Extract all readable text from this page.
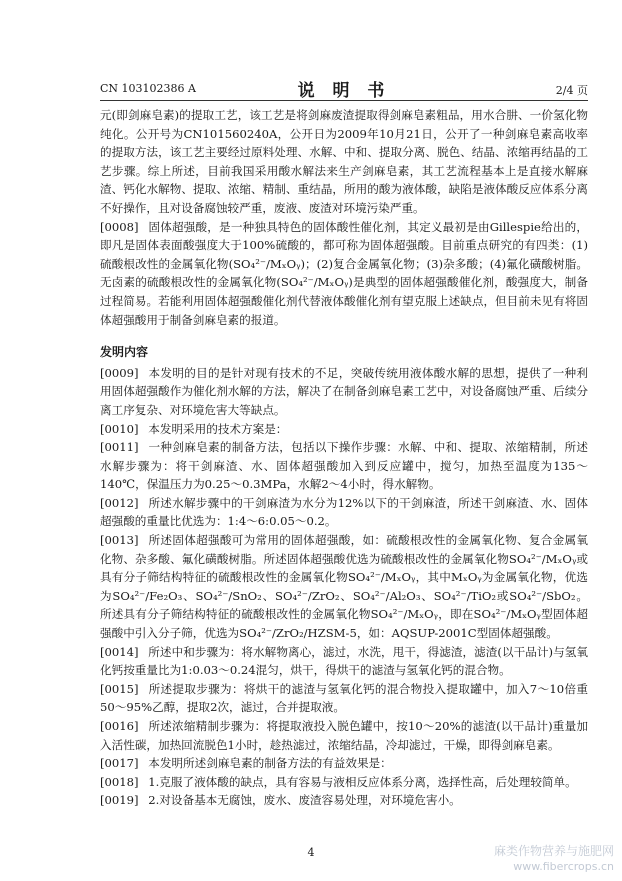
CN 103102386 A	说 明 书	2/4 页

元(即剑麻皂素)的提取工艺，该工艺是将剑麻废渣提取得剑麻皂素粗品，用水合肼、一价氢化物纯化。公开号为CN101560240A，公开日为2009年10月21日，公开了一种剑麻皂素高收率的提取方法，该工艺主要经过原料处理、水解、中和、提取分离、脱色、结晶、浓缩再结晶的工艺步骤。综上所述，目前我国采用酸水解法来生产剑麻皂素，其工艺流程基本上是直接水解麻渣、钙化水解物、提取、浓缩、精制、重结晶，所用的酸为液体酸，缺陷是液体酸反应体系分离不好操作，且对设备腐蚀较严重，废液、废渣对环境污染严重。

[0008] 固体超强酸，是一种独具特色的固体酸性催化剂，其定义最初是由Gillespie给出的，即凡是固体表面酸强度大于100%硫酸的，都可称为固体超强酸。目前重点研究的有四类：(1)硫酸根改性的金属氧化物(SO₄²⁻/MₓOᵧ)；(2)复合金属氧化物；(3)杂多酸；(4)氟化磺酸树脂。无卤素的硫酸根改性的金属氧化物(SO₄²⁻/MₓOᵧ)是典型的固体超强酸催化剂，酸强度大，制备过程简易。若能利用固体超强酸催化剂代替液体酸催化剂有望克服上述缺点，但目前未见有将固体超强酸用于制备剑麻皂素的报道。

发明内容

[0009] 本发明的目的是针对现有技术的不足，突破传统用液体酸水解的思想，提供了一种利用固体超强酸作为催化剂水解的方法，解决了在制备剑麻皂素工艺中，对设备腐蚀严重、后续分离工序复杂、对环境危害大等缺点。

[0010] 本发明采用的技术方案是：

[0011] 一种剑麻皂素的制备方法，包括以下操作步骤：水解、中和、提取、浓缩精制，所述水解步骤为：将干剑麻渣、水、固体超强酸加入到反应罐中，搅匀，加热至温度为135～140℃，保温压力为0.25～0.3MPa，水解2～4小时，得水解物。

[0012] 所述水解步骤中的干剑麻渣为水分为12%以下的干剑麻渣，所述干剑麻渣、水、固体超强酸的重量比优选为：1:4～6:0.05～0.2。

[0013] 所述固体超强酸可为常用的固体超强酸，如：硫酸根改性的金属氧化物、复合金属氧化物、杂多酸、氟化磺酸树脂。所述固体超强酸优选为硫酸根改性的金属氧化物SO₄²⁻/MₓOᵧ或具有分子筛结构特征的硫酸根改性的金属氧化物SO₄²⁻/MₓOᵧ，其中MₓOᵧ为金属氧化物，优选为SO₄²⁻/Fe₂O₃、SO₄²⁻/SnO₂、SO₄²⁻/ZrO₂、SO₄²⁻/Al₂O₃、SO₄²⁻/TiO₂或SO₄²⁻/SbO₂。所述具有分子筛结构特征的硫酸根改性的金属氧化物SO₄²⁻/MₓOᵧ，即在SO₄²⁻/MₓOᵧ型固体超强酸中引入分子筛，优选为SO₄²⁻/ZrO₂/HZSM-5，如：AQSUP-2001C型固体超强酸。

[0014] 所述中和步骤为：将水解物离心，滤过，水洗，甩干，得滤渣，滤渣(以干品计)与氢氧化钙按重量比为1:0.03～0.24混匀，烘干，得烘干的滤渣与氢氧化钙的混合物。

[0015] 所述提取步骤为：将烘干的滤渣与氢氧化钙的混合物投入提取罐中，加入7～10倍重50～95%乙醇，提取2次，滤过，合并提取液。

[0016] 所述浓缩精制步骤为：将提取液投入脱色罐中，按10～20%的滤渣(以干品计)重量加入活性碳，加热回流脱色1小时，趁热滤过，浓缩结晶，冷却滤过，干燥，即得剑麻皂素。

[0017] 本发明所述剑麻皂素的制备方法的有益效果是：

[0018] 1.克服了液体酸的缺点，具有容易与液相反应体系分离，选择性高，后处理较简单。

[0019] 2.对设备基本无腐蚀，废水、废渣容易处理，对环境危害小。

4	麻类作物营养与施肥网
www.fibercrops.cn
